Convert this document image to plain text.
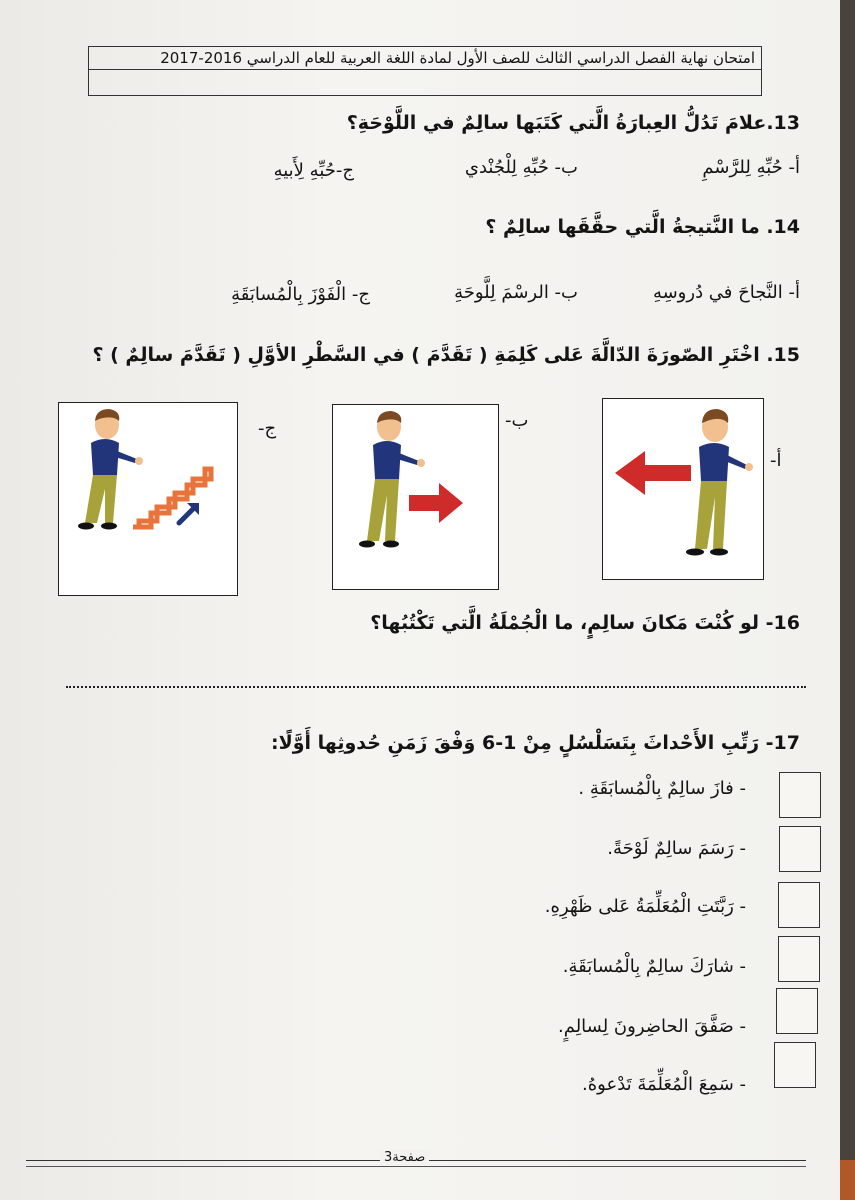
امتحان نهاية الفصل الدراسي الثالث للصف الأول لمادة اللغة العربية للعام الدراسي 2016-2017
13.علامَ تَدُلُّ العِبارَةُ الَّتي كَتَبَها سالِمٌ في اللَّوْحَةِ؟
أ- حُبِّهِ لِلرَّسْمِ
ب- حُبِّهِ لِلْجُنْدي
ج-حُبِّهِ لِأَبيهِ
14. ما النَّتيجةُ الَّتي حقَّقَها سالِمٌ ؟
أ- النَّجاحَ في دُروسِهِ
ب- الرسْمَ لِلَّوحَةِ
ج- الْفَوْزَ بِالْمُسابَقَةِ
15. اخْتَرِ الصّورَةَ الدّالَّةَ عَلى كَلِمَةِ ( تَقَدَّمَ ) في السَّطْرِ الأوَّلِ ( تَقَدَّمَ سالِمٌ ) ؟
أ-
ب-
ج-
16- لو كُنْتَ مَكانَ سالِمٍ، ما الْجُمْلَةُ الَّتي تَكْتُبُها؟
17- رَتِّبِ الأَحْداثَ بِتَسَلْسُلٍ مِنْ 1-6 وَفْقَ زَمَنِ حُدوثِها أَوَّلًا:
- فازَ سالِمٌ بِالْمُسابَقَةِ .
- رَسَمَ سالِمٌ لَوْحَةً.
- رَبَّتَتِ الْمُعَلِّمَةُ عَلى ظَهْرِهِ.
- شارَكَ سالِمٌ بِالْمُسابَقَةِ.
- صَفَّقَ الحاضِرونَ لِسالِمٍ.
- سَمِعَ الْمُعَلِّمَةَ تَدْعوهُ.
صفحة3
